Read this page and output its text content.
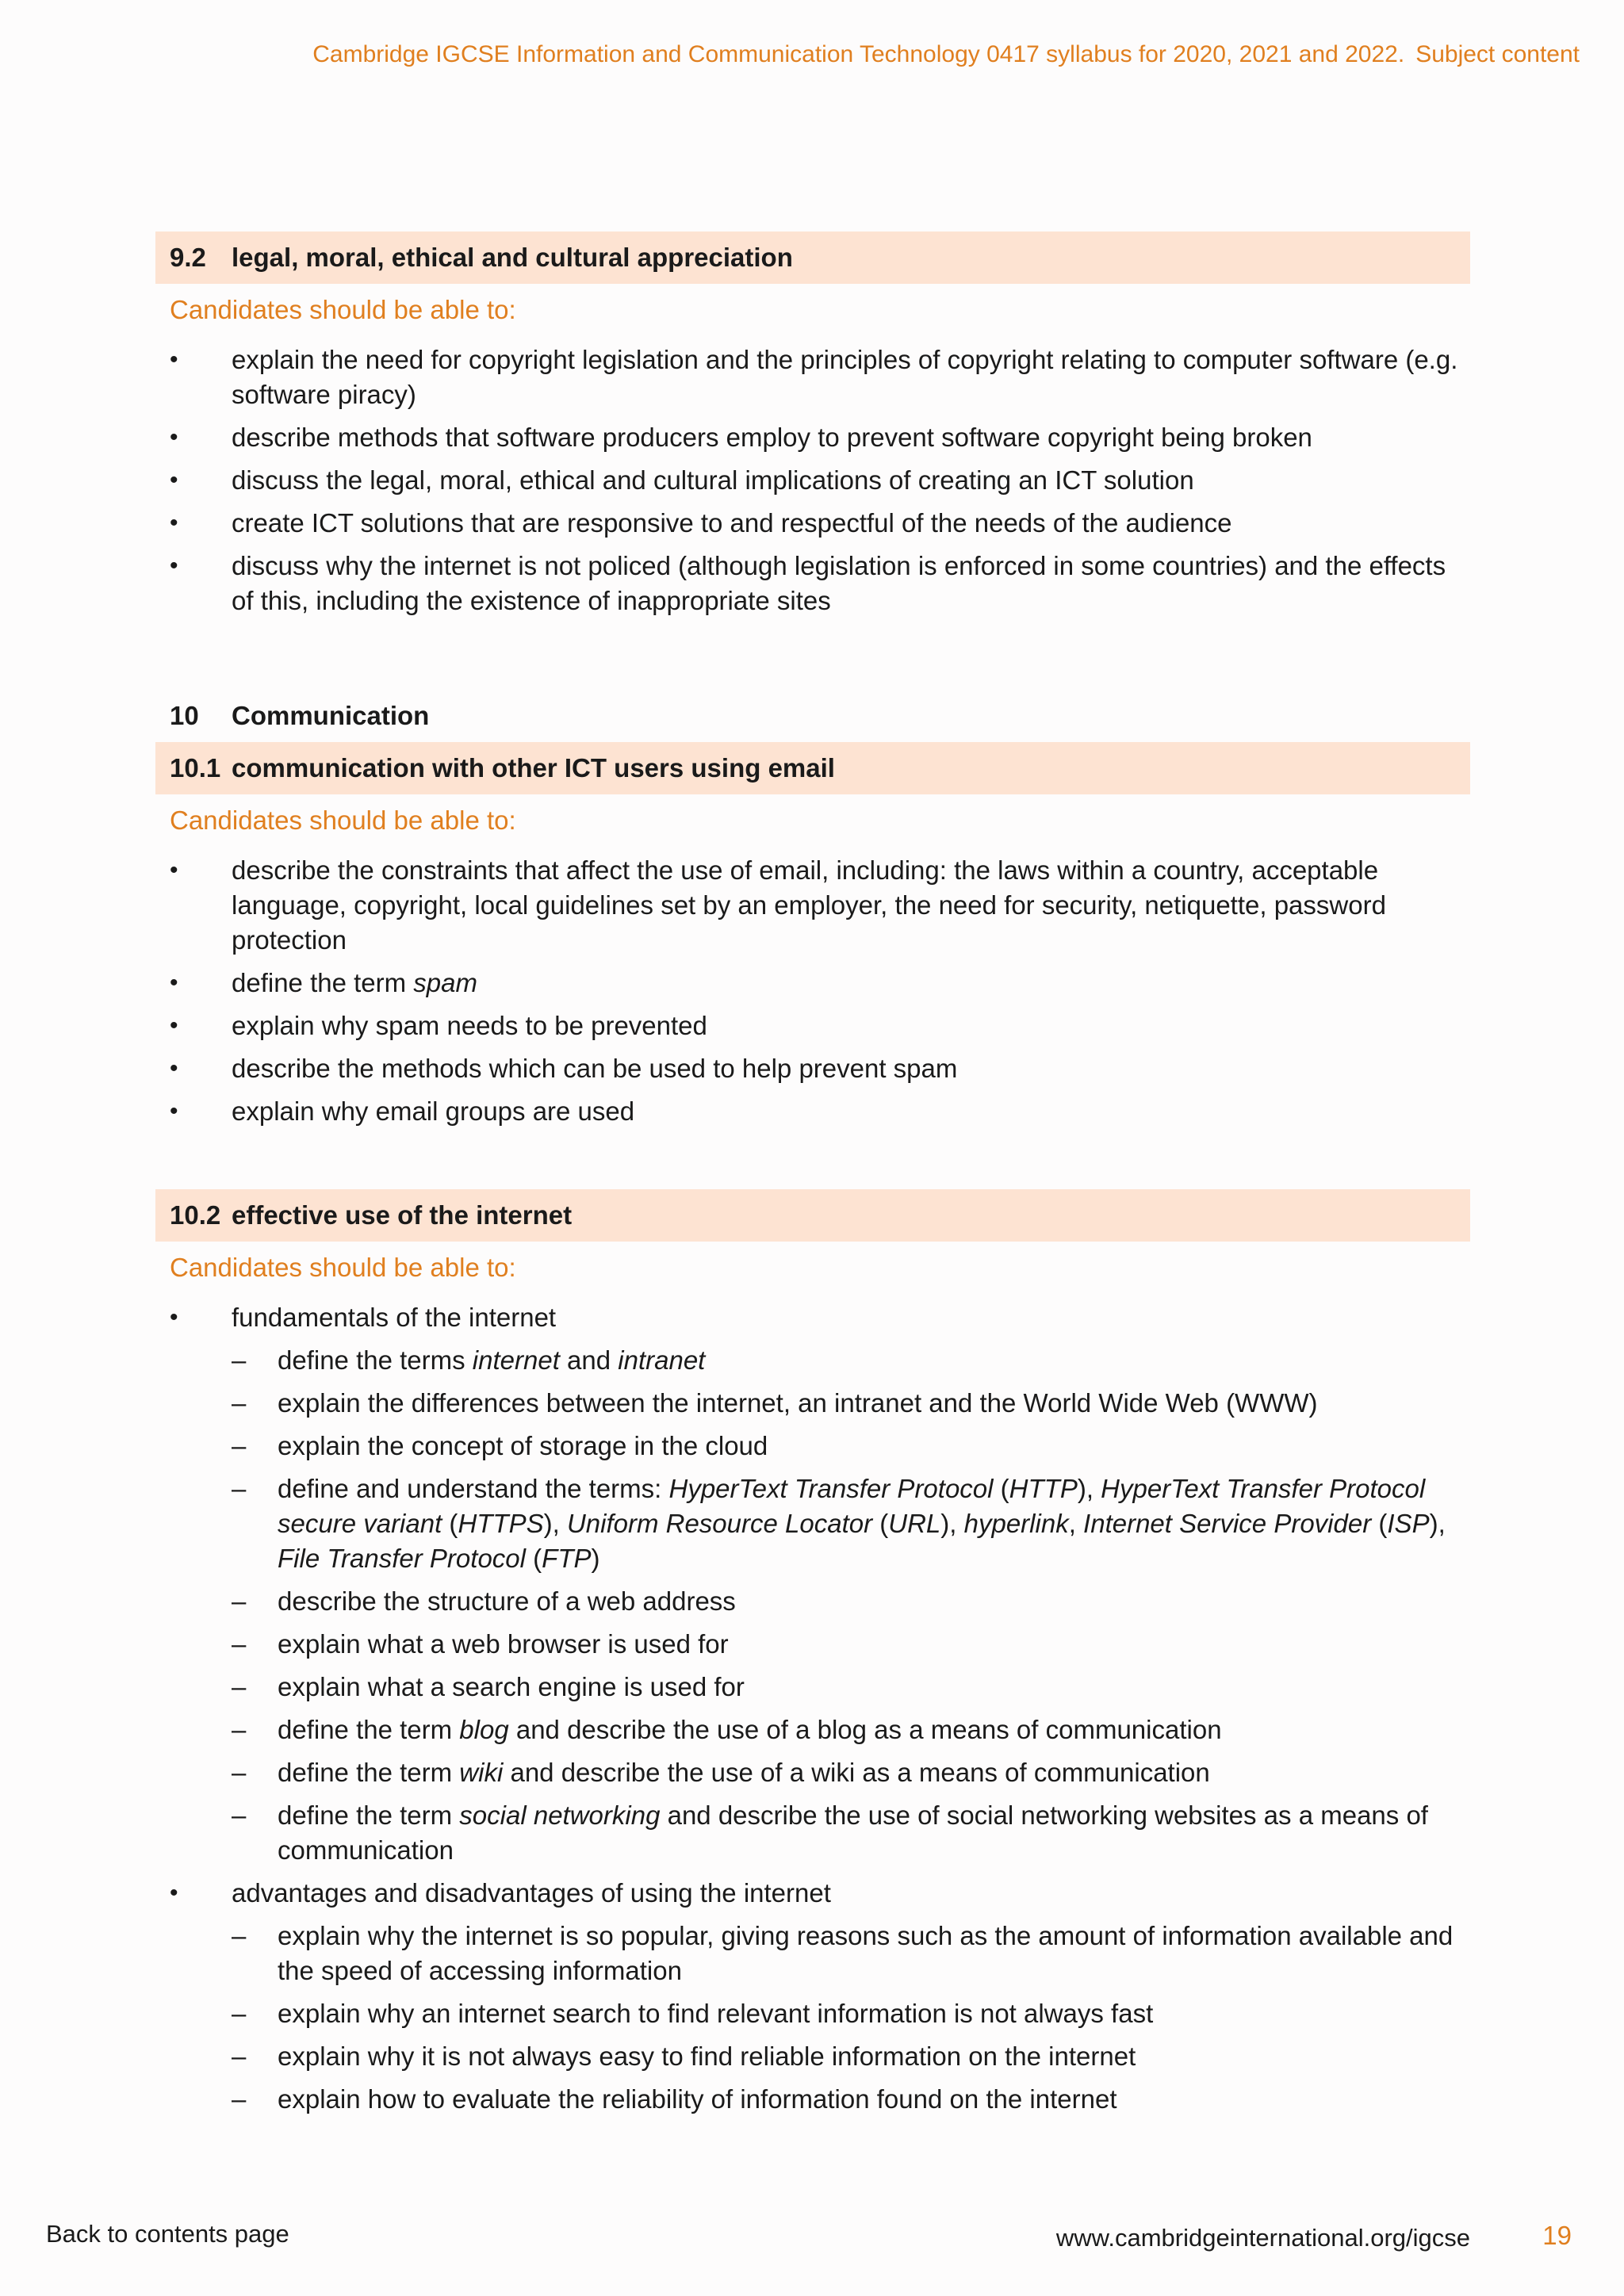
Cambridge IGCSE Information and Communication Technology 0417 syllabus for 2020, 2021 and 2022. Subject content
9.2 legal, moral, ethical and cultural appreciation
Candidates should be able to:
• explain the need for copyright legislation and the principles of copyright relating to computer software (e.g. software piracy)
• describe methods that software producers employ to prevent software copyright being broken
• discuss the legal, moral, ethical and cultural implications of creating an ICT solution
• create ICT solutions that are responsive to and respectful of the needs of the audience
• discuss why the internet is not policed (although legislation is enforced in some countries) and the effects of this, including the existence of inappropriate sites
10	Communication
10.1 communication with other ICT users using email
Candidates should be able to:
• describe the constraints that affect the use of email, including: the laws within a country, acceptable language, copyright, local guidelines set by an employer, the need for security, netiquette, password protection
• define the term spam
• explain why spam needs to be prevented
• describe the methods which can be used to help prevent spam
• explain why email groups are used
10.2 effective use of the internet
Candidates should be able to:
• fundamentals of the internet
– define the terms internet and intranet
– explain the differences between the internet, an intranet and the World Wide Web (WWW)
– explain the concept of storage in the cloud
– define and understand the terms: HyperText Transfer Protocol (HTTP), HyperText Transfer Protocol secure variant (HTTPS), Uniform Resource Locator (URL), hyperlink, Internet Service Provider (ISP), File Transfer Protocol (FTP)
– describe the structure of a web address
– explain what a web browser is used for
– explain what a search engine is used for
– define the term blog and describe the use of a blog as a means of communication
– define the term wiki and describe the use of a wiki as a means of communication
– define the term social networking and describe the use of social networking websites as a means of communication
• advantages and disadvantages of using the internet
– explain why the internet is so popular, giving reasons such as the amount of information available and the speed of accessing information
– explain why an internet search to find relevant information is not always fast
– explain why it is not always easy to find reliable information on the internet
– explain how to evaluate the reliability of information found on the internet
Back to contents page	www.cambridgeinternational.org/igcse	19
